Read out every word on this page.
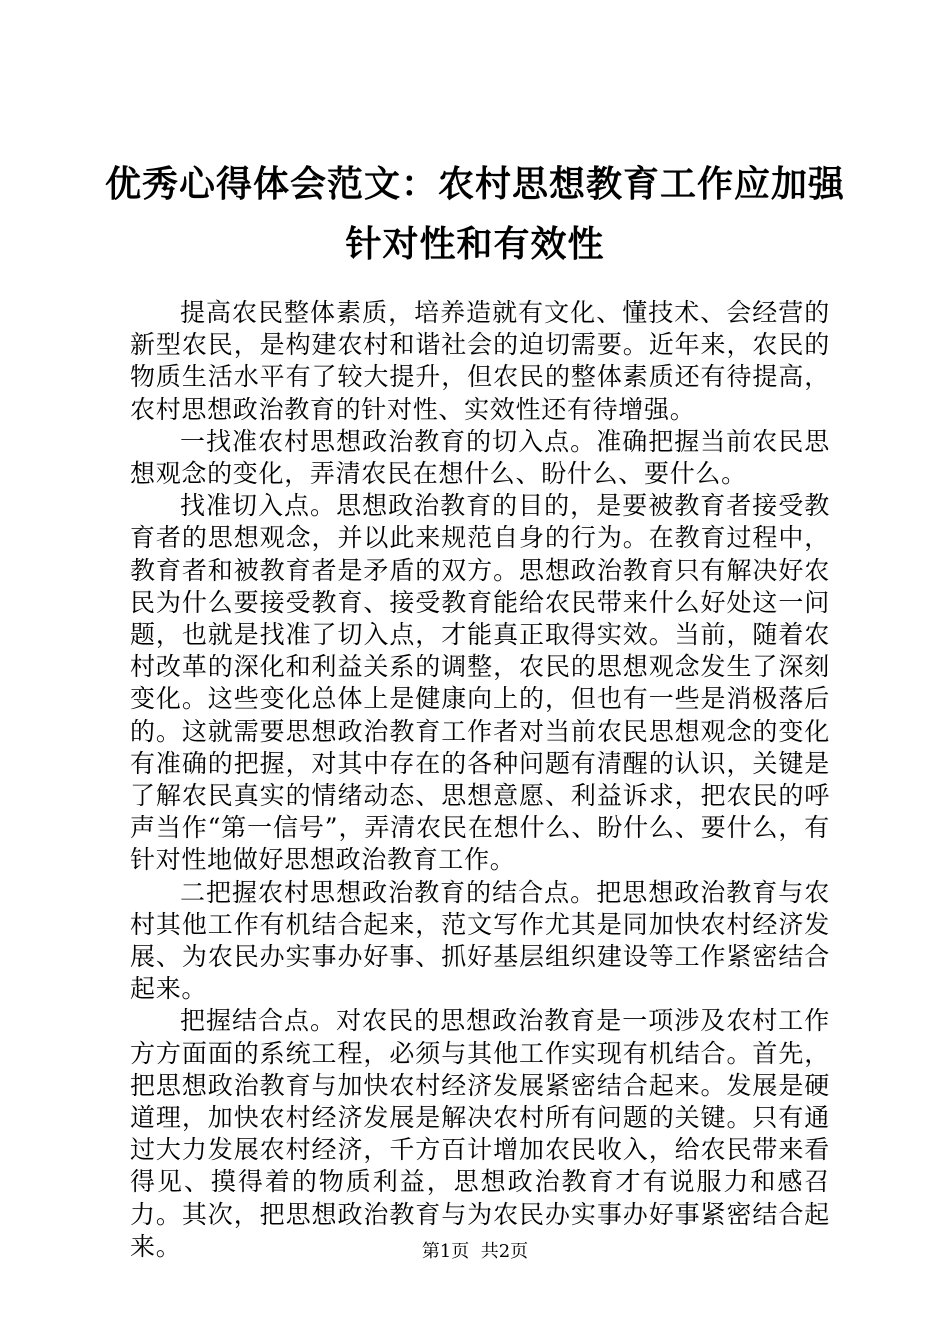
优秀心得体会范文：农村思想教育工作应加强
针对性和有效性

提高农民整体素质，培养造就有文化、懂技术、会经营的新型农民，是构建农村和谐社会的迫切需要。近年来，农民的物质生活水平有了较大提升，但农民的整体素质还有待提高，农村思想政治教育的针对性、实效性还有待增强。

一找准农村思想政治教育的切入点。准确把握当前农民思想观念的变化，弄清农民在想什么、盼什么、要什么。

找准切入点。思想政治教育的目的，是要被教育者接受教育者的思想观念，并以此来规范自身的行为。在教育过程中，教育者和被教育者是矛盾的双方。思想政治教育只有解决好农民为什么要接受教育、接受教育能给农民带来什么好处这一问题，也就是找准了切入点，才能真正取得实效。当前，随着农村改革的深化和利益关系的调整，农民的思想观念发生了深刻变化。这些变化总体上是健康向上的，但也有一些是消极落后的。这就需要思想政治教育工作者对当前农民思想观念的变化有准确的把握，对其中存在的各种问题有清醒的认识，关键是了解农民真实的情绪动态、思想意愿、利益诉求，把农民的呼声当作“第一信号”，弄清农民在想什么、盼什么、要什么，有针对性地做好思想政治教育工作。

二把握农村思想政治教育的结合点。把思想政治教育与农村其他工作有机结合起来，范文写作尤其是同加快农村经济发展、为农民办实事办好事、抓好基层组织建设等工作紧密结合起来。

把握结合点。对农民的思想政治教育是一项涉及农村工作方方面面的系统工程，必须与其他工作实现有机结合。首先，把思想政治教育与加快农村经济发展紧密结合起来。发展是硬道理，加快农村经济发展是解决农村所有问题的关键。只有通过大力发展农村经济，千方百计增加农民收入，给农民带来看得见、摸得着的物质利益，思想政治教育才有说服力和感召力。其次，把思想政治教育与为农民办实事办好事紧密结合起来。	第1页  共2页
